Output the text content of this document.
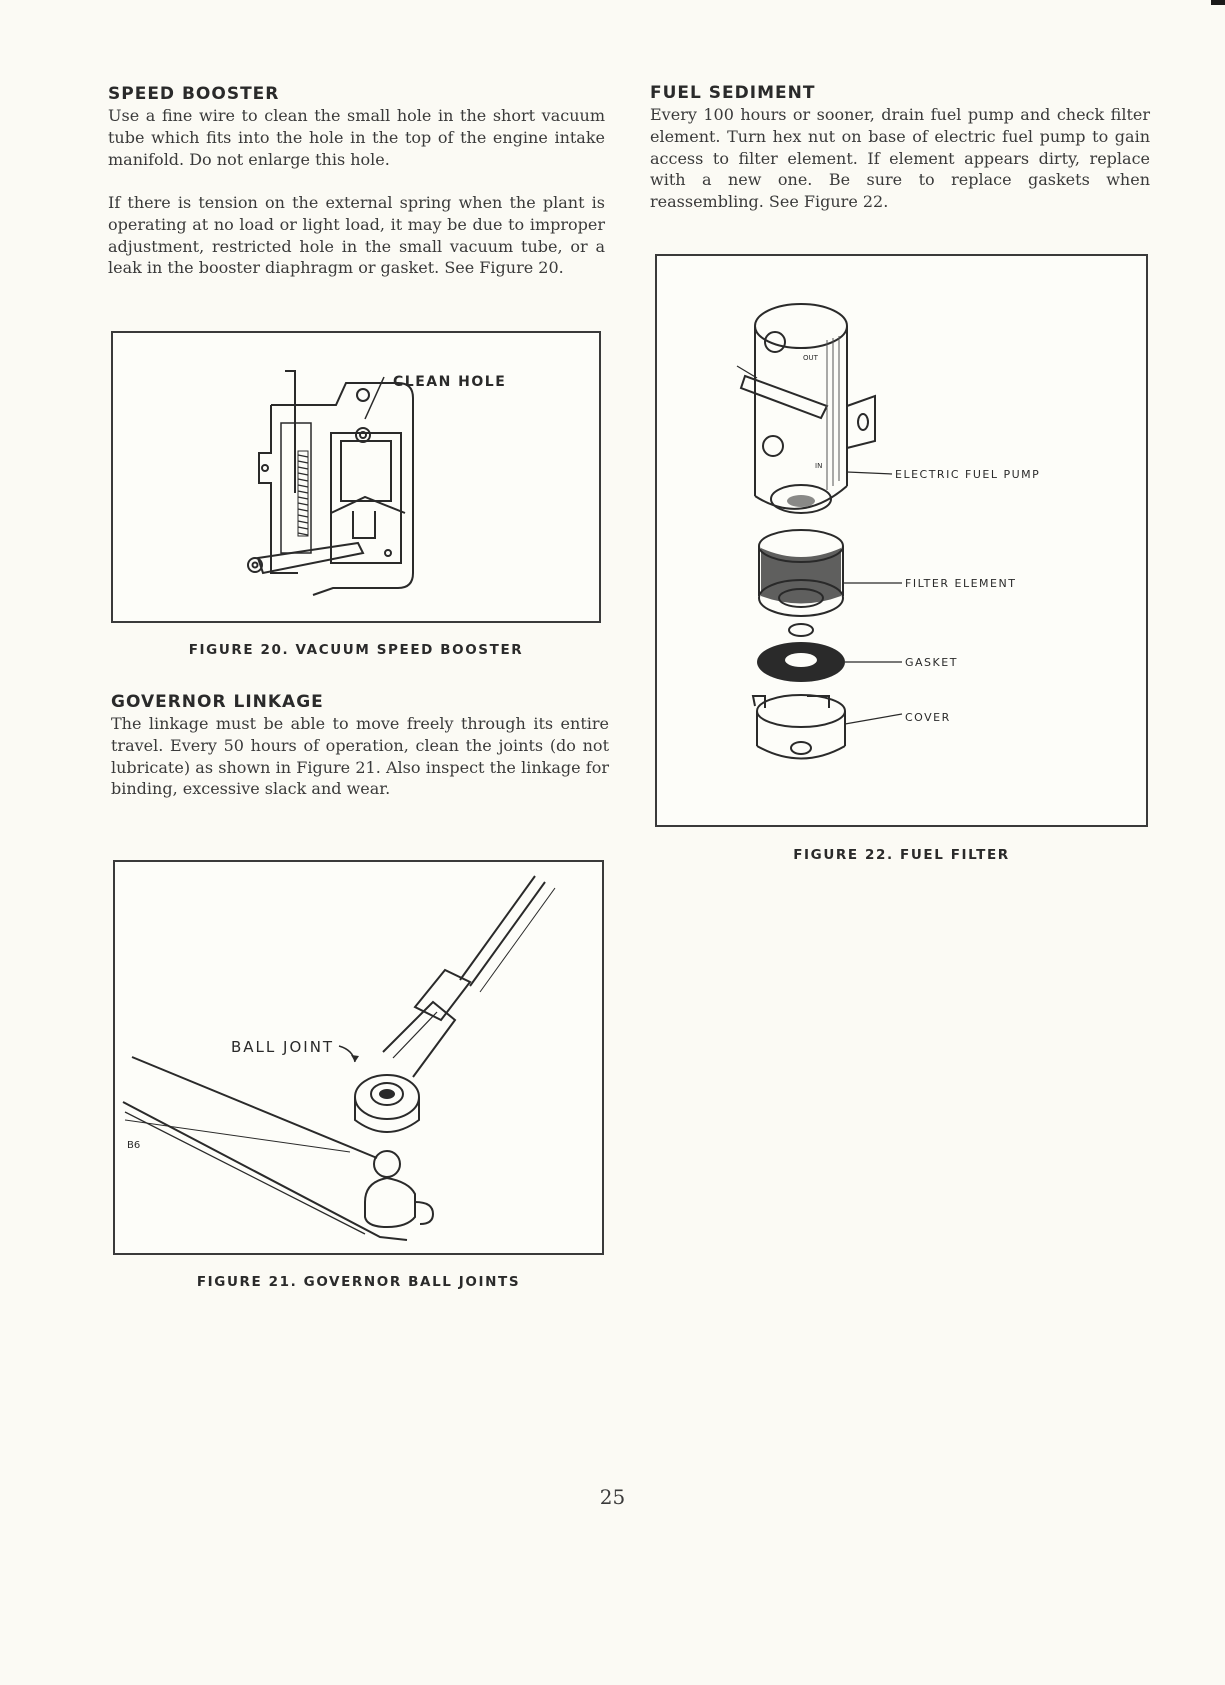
SPEED BOOSTER

Use a fine wire to clean the small hole in the short vacuum tube which fits into the hole in the top of the engine intake manifold. Do not enlarge this hole.

If there is tension on the external spring when the plant is operating at no load or light load, it may be due to improper adjustment, restricted hole in the small vacuum tube, or a leak in the booster diaphragm or gasket. See Figure 20.

CLEAN HOLE

FIGURE 20. VACUUM SPEED BOOSTER

GOVERNOR LINKAGE

The linkage must be able to move freely through its entire travel. Every 50 hours of operation, clean the joints (do not lubricate) as shown in Figure 21. Also inspect the linkage for binding, excessive slack and wear.

BALL JOINT
B6

FIGURE 21. GOVERNOR BALL JOINTS

FUEL SEDIMENT

Every 100 hours or sooner, drain fuel pump and check filter element. Turn hex nut on base of electric fuel pump to gain access to filter element. If element appears dirty, replace with a new one. Be sure to replace gaskets when reassembling. See Figure 22.

OUT
IN
ELECTRIC FUEL PUMP
FILTER ELEMENT
GASKET
COVER

FIGURE 22. FUEL FILTER

25
